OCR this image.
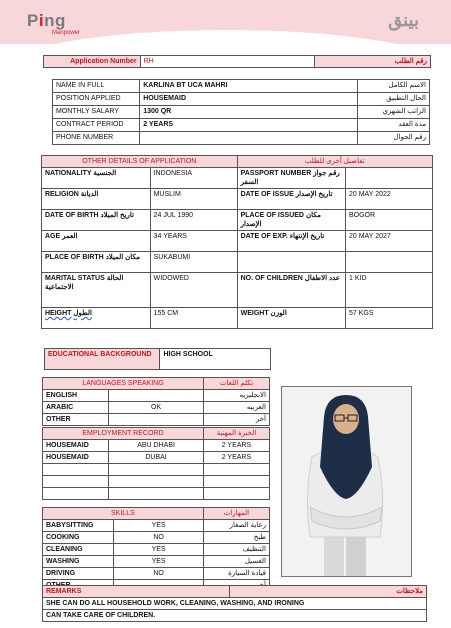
Ping
Manpower
بينق
Application Number	RH	رقم الطلب
NAME IN FULL	KARLINA BT UCA MAHRI	الاسم الكامل
POSITION APPLIED	HOUSEMAID	الحال التطبيق
MONTHLY SALARY	1300 QR	الراتب الشهري
CONTRACT PERIOD	2 YEARS	مدة العقد
PHONE NUMBER		رقم الجوال
OTHER DETAILS OF APPLICATION		تفاصيل أخرى للطلب	
NATIONALITY الجنسية	INDONESIA	PASSPORT NUMBER رقم جواز السفر	
RELIGION الديانة	MUSLIM	DATE OF ISSUE تاريخ الإصدار	20 MAY 2022
DATE OF BIRTH تاريخ الميلاد	24 JUL 1990	PLACE OF ISSUED مكان الإصدار	BOGOR
AGE العمر	34 YEARS	DATE OF EXP. تاريخ الإنتهاء	20 MAY 2027
PLACE OF BIRTH مكان الميلاد	SUKABUMI		
MARITAL STATUS الحالة الاجتماعية	WIDOWED	NO. OF CHILDREN عدد الاطفال	1 KID
HEIGHT الطول	155 CM	WEIGHT الوزن	57 KGS
EDUCATIONAL BACKGROUND	HIGH SCHOOL
LANGUAGES SPEAKING		تكلم اللغات
ENGLISH		الانجليزيه
ARABIC	OK	العربيه
OTHER		آخر
EMPLOYMENT RECORD		الخبرة المهنية
HOUSEMAID	ABU DHABI	2 YEARS
HOUSEMAID	DUBAI	2 YEARS

SKILLS		المهارات
BABYSITTING	YES	رعاية الصغار
COOKING	NO	طبخ
CLEANING	YES	التنظيف
WASHING	YES	الغسيل
DRIVING	NO	قيادة السيارة

REMARKS	ملاحظات
SHE CAN DO ALL HOUSEHOLD WORK, CLEANING, WASHING, AND IRONING
CAN TAKE CARE OF CHILDREN.
